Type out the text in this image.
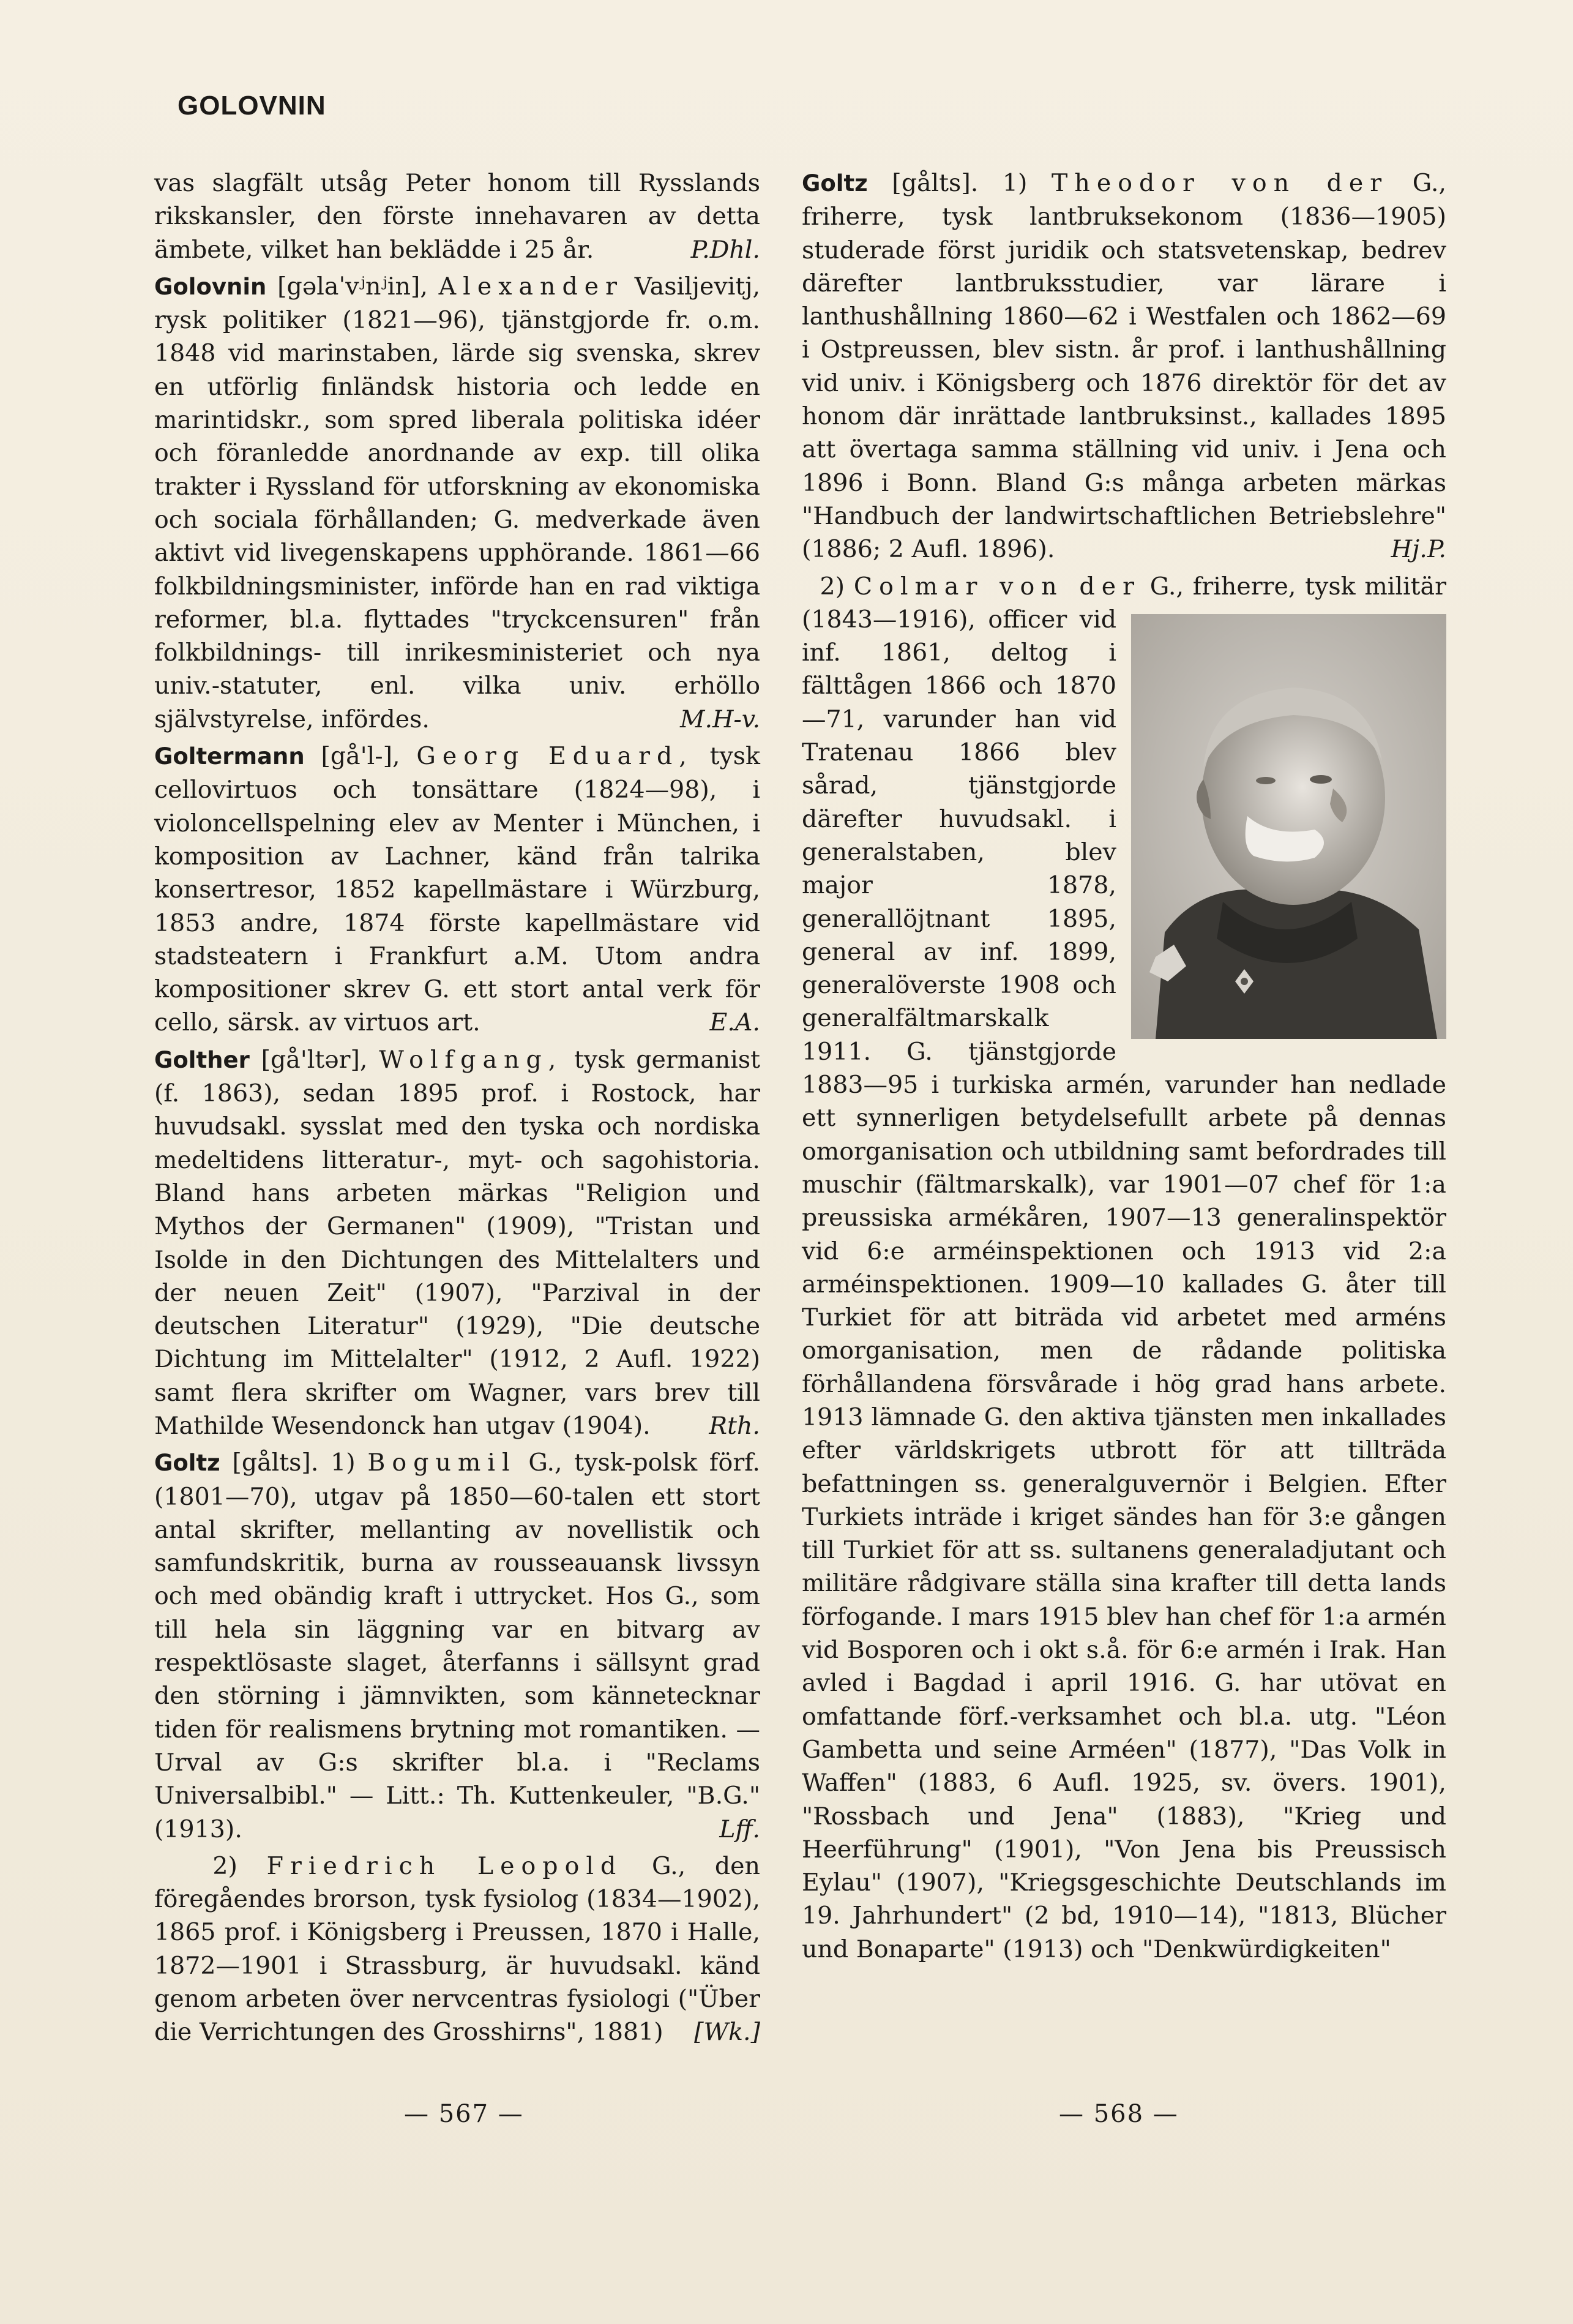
GOLOVNIN

vas slagfält utsåg Peter honom till Rysslands rikskansler, den förste innehavaren av detta ämbete, vilket han beklädde i 25 år.	P.Dhl.

Golovnin [gəlaˈvʲnʲin], Alexander Vasiljevitj, rysk politiker (1821—96), tjänstgjorde fr. o.m. 1848 vid marinstaben, lärde sig svenska, skrev en utförlig finländsk historia och ledde en marintidskr., som spred liberala politiska idéer och föranledde anordnande av exp. till olika trakter i Ryssland för utforskning av ekonomiska och sociala förhållanden; G. medverkade även aktivt vid livegenskapens upphörande. 1861—66 folkbildningsminister, införde han en rad viktiga reformer, bl.a. flyttades "tryckcensuren" från folkbildnings- till inrikesministeriet och nya univ.-statuter, enl. vilka univ. erhöllo självstyrelse, infördes.	M.H-v.

Goltermann [gå'l-], Georg Eduard, tysk cellovirtuos och tonsättare (1824—98), i violoncellspelning elev av Menter i München, i komposition av Lachner, känd från talrika konsertresor, 1852 kapellmästare i Würzburg, 1853 andre, 1874 förste kapellmästare vid stadsteatern i Frankfurt a.M. Utom andra kompositioner skrev G. ett stort antal verk för cello, särsk. av virtuos art.	E.A.

Golther [gå'ltər], Wolfgang, tysk germanist (f. 1863), sedan 1895 prof. i Rostock, har huvudsakl. sysslat med den tyska och nordiska medeltidens litteratur-, myt- och sagohistoria. Bland hans arbeten märkas "Religion und Mythos der Germanen" (1909), "Tristan und Isolde in den Dichtungen des Mittelalters und der neuen Zeit" (1907), "Parzival in der deutschen Literatur" (1929), "Die deutsche Dichtung im Mittelalter" (1912, 2 Aufl. 1922) samt flera skrifter om Wagner, vars brev till Mathilde Wesendonck han utgav (1904). Rth.

Goltz [gålts]. 1) Bogumil G., tysk-polsk förf. (1801—70), utgav på 1850—60-talen ett stort antal skrifter, mellanting av novellistik och samfundskritik, burna av rousseauansk livssyn och med obändig kraft i uttrycket. Hos G., som till hela sin läggning var en bitvarg av respektlösaste slaget, återfanns i sällsynt grad den störning i jämnvikten, som kännetecknar tiden för realismens brytning mot romantiken. — Urval av G:s skrifter bl.a. i "Reclams Universalbibl." — Litt.: Th. Kuttenkeuler, "B.G." (1913).	Lff.

2) Friedrich Leopold G., den föregåendes brorson, tysk fysiolog (1834—1902), 1865 prof. i Königsberg i Preussen, 1870 i Halle, 1872—1901 i Strassburg, är huvudsakl. känd genom arbeten över nervcentras fysiologi ("Über die Verrichtungen des Grosshirns", 1881) [Wk.]

Goltz [gålts]. 1) Theodor von der G., friherre, tysk lantbruksekonom (1836—1905) studerade först juridik och statsvetenskap, bedrev därefter lantbruksstudier, var lärare i lanthushållning 1860—62 i Westfalen och 1862—69 i Ostpreussen, blev sistn. år prof. i lanthushållning vid univ. i Königsberg och 1876 direktör för det av honom där inrättade lantbruksinst., kallades 1895 att övertaga samma ställning vid univ. i Jena och 1896 i Bonn. Bland G:s många arbeten märkas "Handbuch der landwirtschaftlichen Betriebslehre" (1886; 2 Aufl. 1896).	Hj.P.

2) Colmar von der G., friherre, tysk militär (1843—1916), officer vid inf. 1861, deltog i fälttågen 1866 och 1870—71, varunder han vid Tratenau 1866 blev sårad, tjänstgjorde därefter huvudsakl. i generalstaben, blev major 1878, generallöjtnant 1895, general av inf. 1899, generalöverste 1908 och generalfältmarskalk 1911. G. tjänstgjorde 1883—95 i turkiska armén, varunder han nedlade ett synnerligen betydelsefullt arbete på dennas omorganisation och utbildning samt befordrades till muschir (fältmarskalk), var 1901—07 chef för 1:a preussiska armékåren, 1907—13 generalinspektör vid 6:e arméinspektionen och 1913 vid 2:a arméinspektionen. 1909—10 kallades G. åter till Turkiet för att biträda vid arbetet med arméns omorganisation, men de rådande politiska förhållandena försvårade i hög grad hans arbete. 1913 lämnade G. den aktiva tjänsten men inkallades efter världskrigets utbrott för att tillträda befattningen ss. generalguvernör i Belgien. Efter Turkiets inträde i kriget sändes han för 3:e gången till Turkiet för att ss. sultanens generaladjutant och militäre rådgivare ställa sina krafter till detta lands förfogande. I mars 1915 blev han chef för 1:a armén vid Bosporen och i okt s.å. för 6:e armén i Irak. Han avled i Bagdad i april 1916. G. har utövat en omfattande förf.-verksamhet och bl.a. utg. "Léon Gambetta und seine Arméen" (1877), "Das Volk in Waffen" (1883, 6 Aufl. 1925, sv. övers. 1901), "Rossbach und Jena" (1883), "Krieg und Heerführung" (1901), "Von Jena bis Preussisch Eylau" (1907), "Kriegsgeschichte Deutschlands im 19. Jahrhundert" (2 bd, 1910—14), "1813, Blücher und Bonaparte" (1913) och "Denkwürdigkeiten"

— 567 —	— 568 —
